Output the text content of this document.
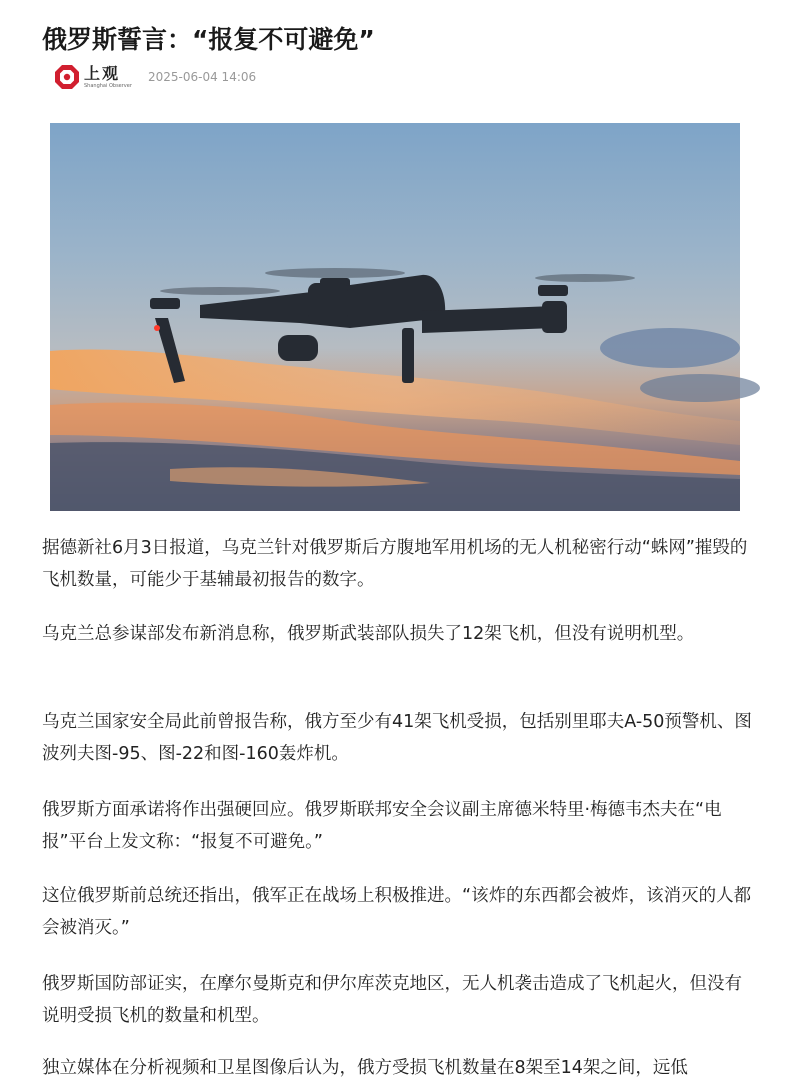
俄罗斯誓言：“报复不可避免”
上观
Shanghai Observer
2025-06-04 14:06

据德新社6月3日报道，乌克兰针对俄罗斯后方腹地军用机场的无人机秘密行动“蛛网”摧毁的飞机数量，可能少于基辅最初报告的数字。

乌克兰总参谋部发布新消息称，俄罗斯武装部队损失了12架飞机，但没有说明机型。

乌克兰国家安全局此前曾报告称，俄方至少有41架飞机受损，包括别里耶夫A-50预警机、图波列夫图-95、图-22和图-160轰炸机。

俄罗斯方面承诺将作出强硬回应。俄罗斯联邦安全会议副主席德米特里·梅德韦杰夫在“电报”平台上发文称：“报复不可避免。”

这位俄罗斯前总统还指出，俄军正在战场上积极推进。“该炸的东西都会被炸，该消灭的人都会被消灭。”

俄罗斯国防部证实，在摩尔曼斯克和伊尔库茨克地区，无人机袭击造成了飞机起火，但没有说明受损飞机的数量和机型。

独立媒体在分析视频和卫星图像后认为，俄方受损飞机数量在8架至14架之间，远低
